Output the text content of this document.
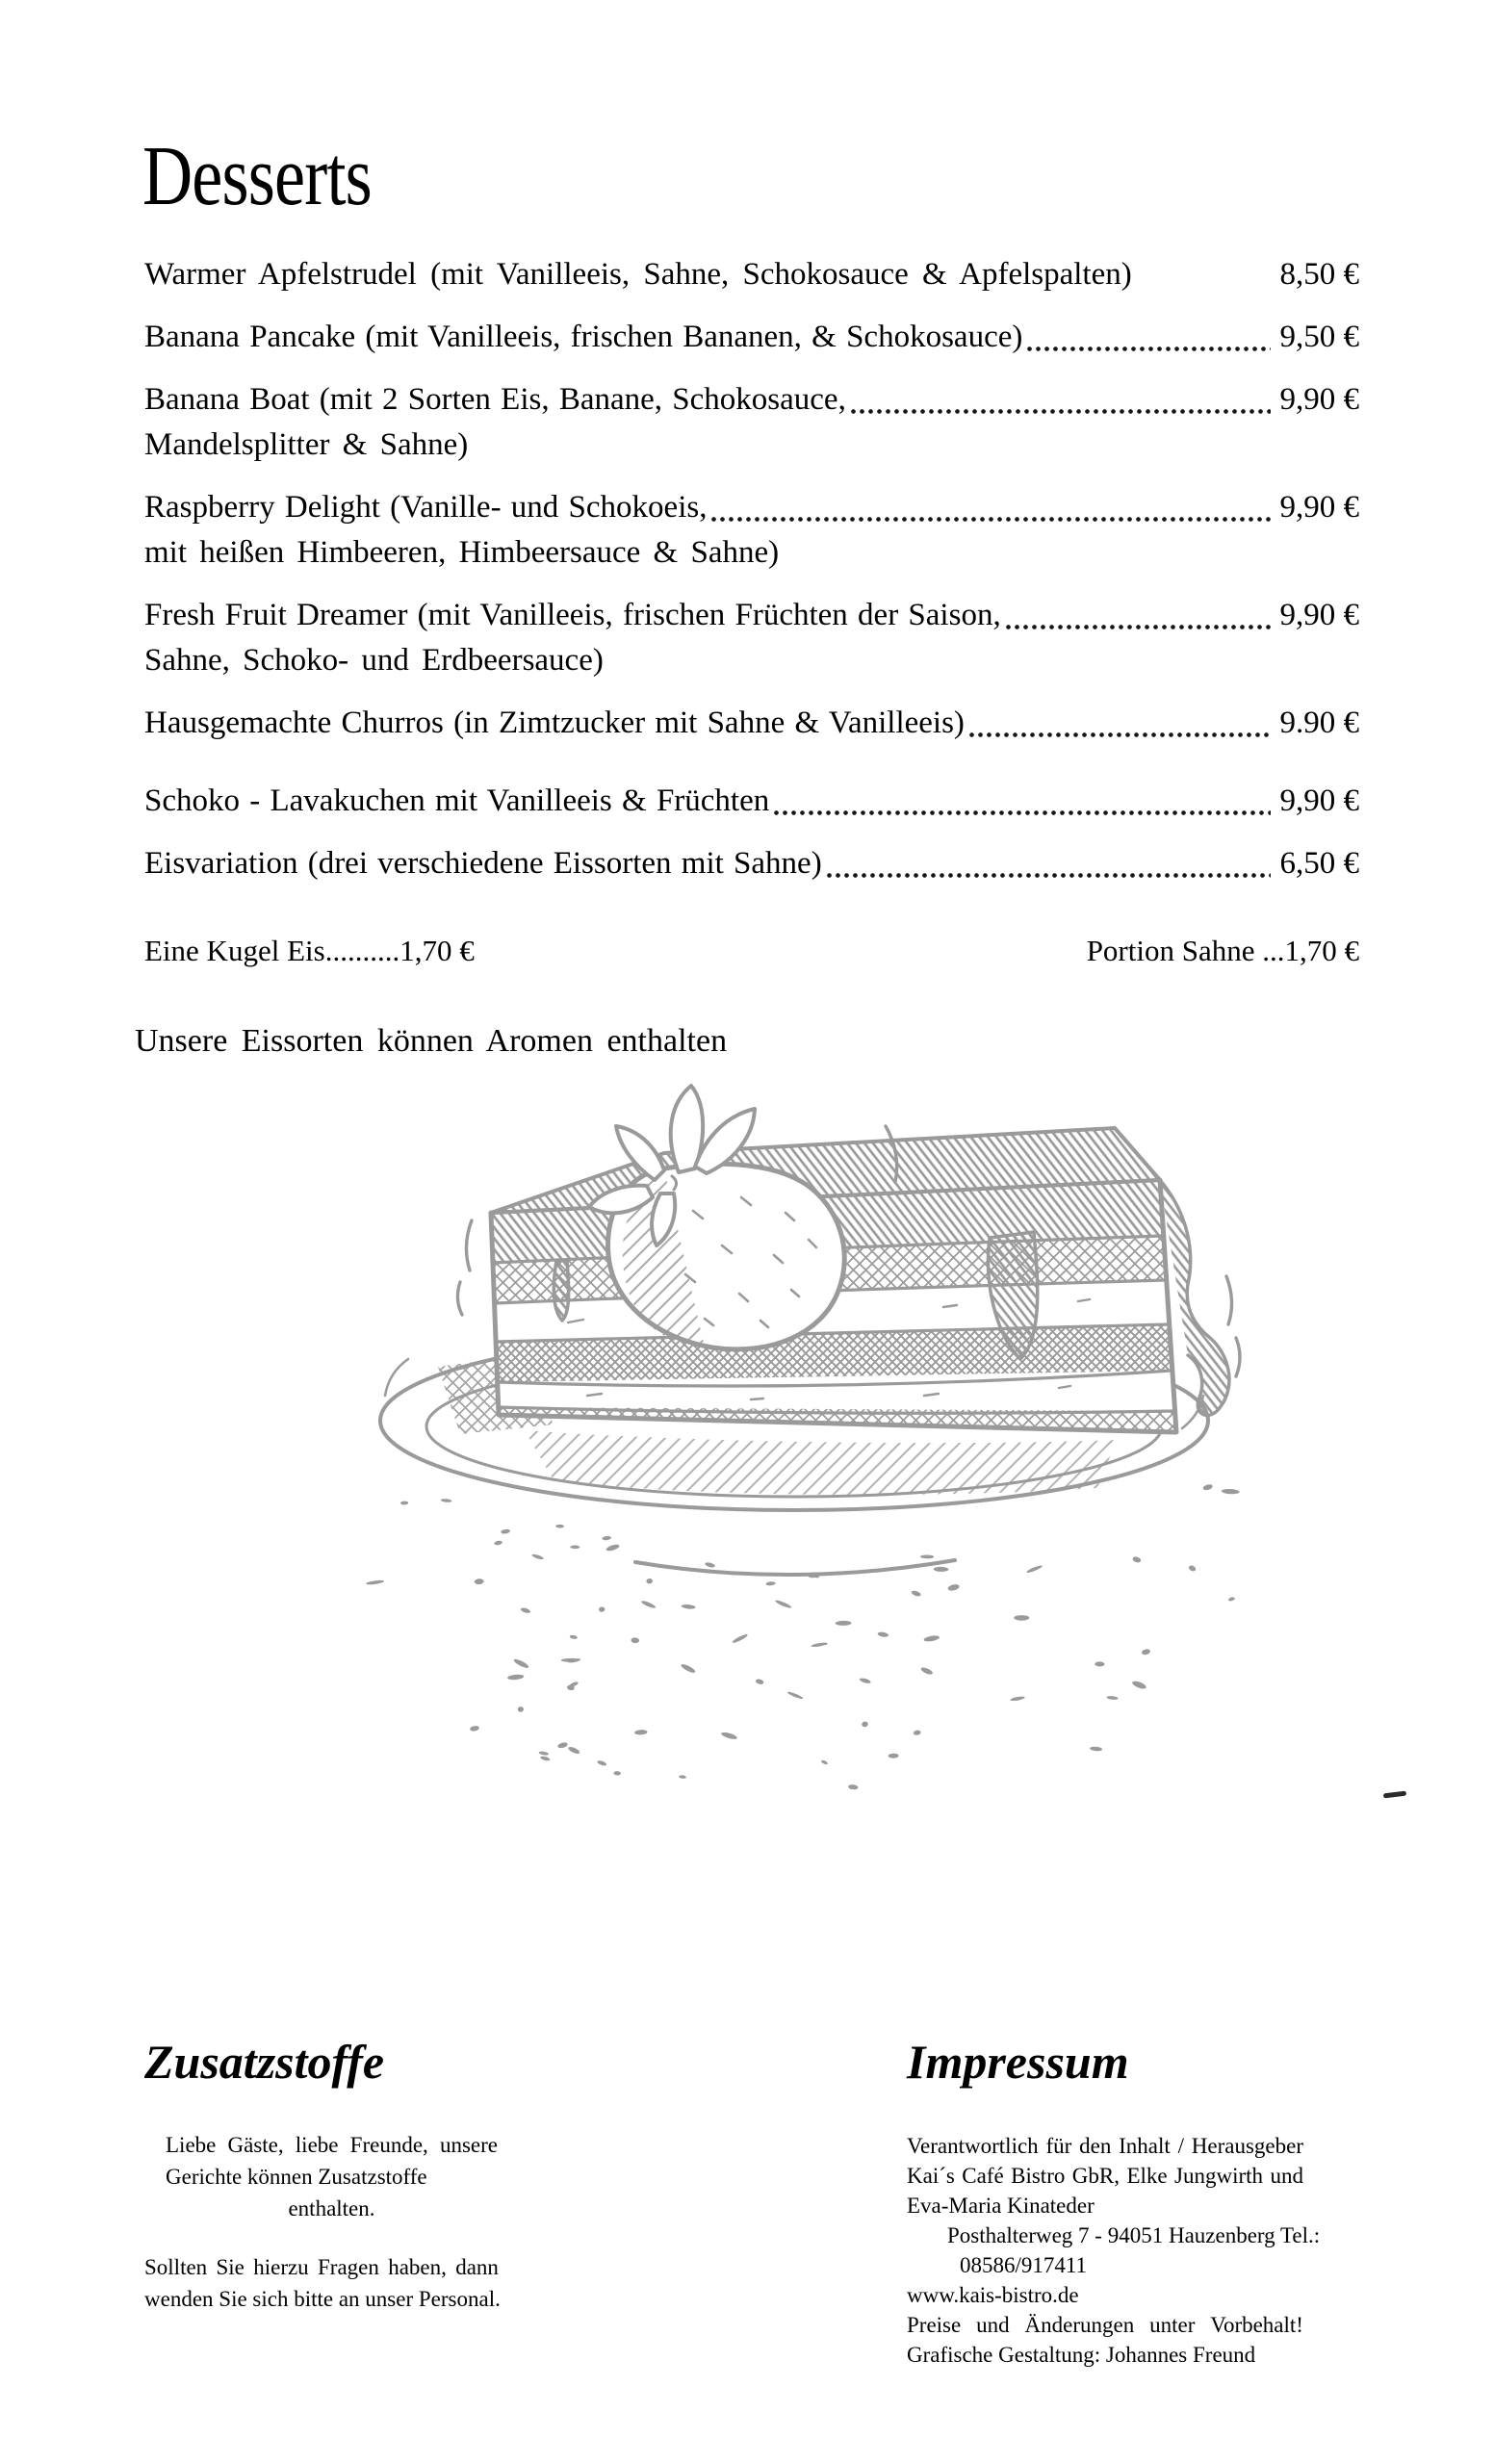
Desserts
Warmer Apfelstrudel (mit Vanilleeis, Sahne, Schokosauce & Apfelspalten)	8,50 €
Banana Pancake (mit Vanilleeis, frischen Bananen, & Schokosauce)	9,50 €
Banana Boat (mit 2 Sorten Eis, Banane, Schokosauce,	9,90 €
Mandelsplitter & Sahne)
Raspberry Delight (Vanille- und Schokoeis,	9,90 €
mit heißen Himbeeren, Himbeersauce & Sahne)
Fresh Fruit Dreamer (mit Vanilleeis, frischen Früchten der Saison,	9,90 €
Sahne, Schoko- und Erdbeersauce)
Hausgemachte Churros (in Zimtzucker mit Sahne & Vanilleeis)	9.90 €
Schoko - Lavakuchen mit Vanilleeis & Früchten	9,90 €
Eisvariation (drei verschiedene Eissorten mit Sahne)	6,50 €
Eine Kugel Eis..........1,70 €	Portion Sahne ...1,70 €
Unsere Eissorten können Aromen enthalten
Zusatzstoffe
Liebe Gäste, liebe Freunde, unsere
Gerichte können Zusatzstoffe
enthalten.
Sollten Sie hierzu Fragen haben, dann
wenden Sie sich bitte an unser Personal.
Impressum
Verantwortlich für den Inhalt / Herausgeber
Kai´s Café Bistro GbR, Elke Jungwirth und
Eva-Maria Kinateder
Posthalterweg 7 - 94051 Hauzenberg Tel.:
08586/917411
www.kais-bistro.de
Preise und Änderungen unter Vorbehalt!
Grafische Gestaltung: Johannes Freund
